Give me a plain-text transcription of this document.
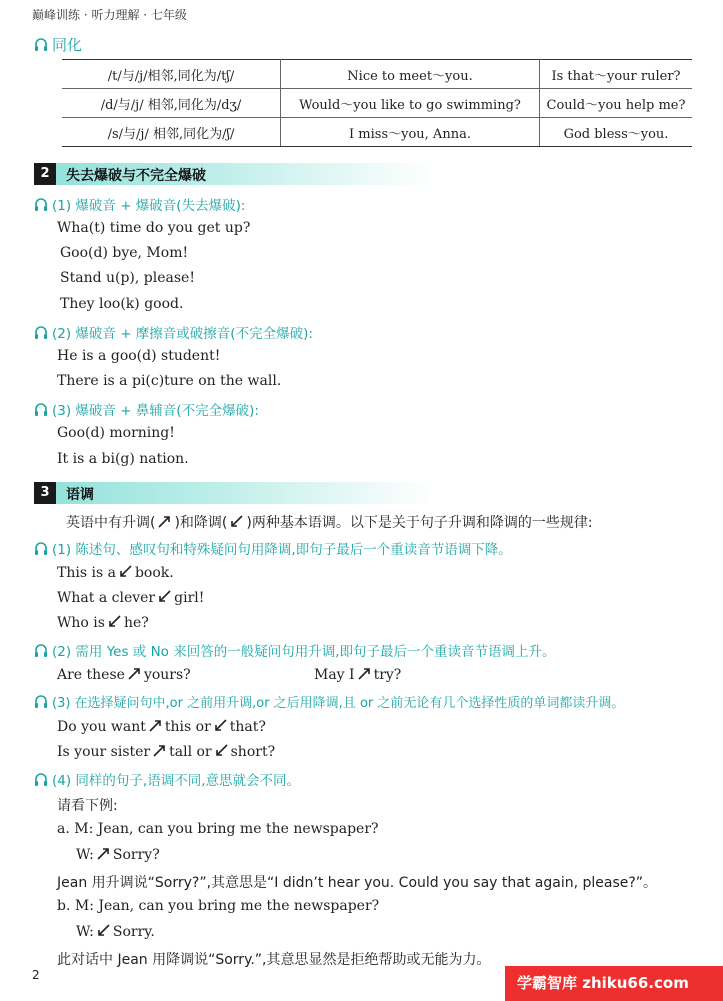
巅峰训练 · 听力理解 · 七年级
同化
/t/与/j/相邻,同化为/tʃ/	Nice to meet～you.	Is that～your ruler?
/d/与/j/ 相邻,同化为/dʒ/	Would～you like to go swimming?	Could～you help me?
/s/与/j/ 相邻,同化为/ʃ/	I miss～you, Anna.	God bless～you.
2	失去爆破与不完全爆破
(1) 爆破音 + 爆破音(失去爆破):
Wha(t) time do you get up?
Goo(d) bye, Mom!
Stand u(p), please!
They loo(k) good.
(2) 爆破音 + 摩擦音或破擦音(不完全爆破):
He is a goo(d) student!
There is a pi(c)ture on the wall.
(3) 爆破音 + 鼻辅音(不完全爆破):
Goo(d) morning!
It is a bi(g) nation.
3	语调
英语中有升调( )和降调( )两种基本语调。以下是关于句子升调和降调的一些规律:
(1) 陈述句、感叹句和特殊疑问句用降调,即句子最后一个重读音节语调下降。
This is a book.
What a clever girl!
Who is he?
(2) 需用 Yes 或 No 来回答的一般疑问句用升调,即句子最后一个重读音节语调上升。
Are these yours?	May I try?
(3) 在选择疑问句中,or 之前用升调,or 之后用降调,且 or 之前无论有几个选择性质的单词都读升调。
Do you want this or that?
Is your sister tall or short?
(4) 同样的句子,语调不同,意思就会不同。
请看下例:
a. M: Jean, can you bring me the newspaper?
W: Sorry?
Jean 用升调说“Sorry?”,其意思是“I didn’t hear you. Could you say that again, please?”。
b. M: Jean, can you bring me the newspaper?
W: Sorry.
此对话中 Jean 用降调说“Sorry.”,其意思显然是拒绝帮助或无能为力。
2	学霸智库 zhiku66.com
